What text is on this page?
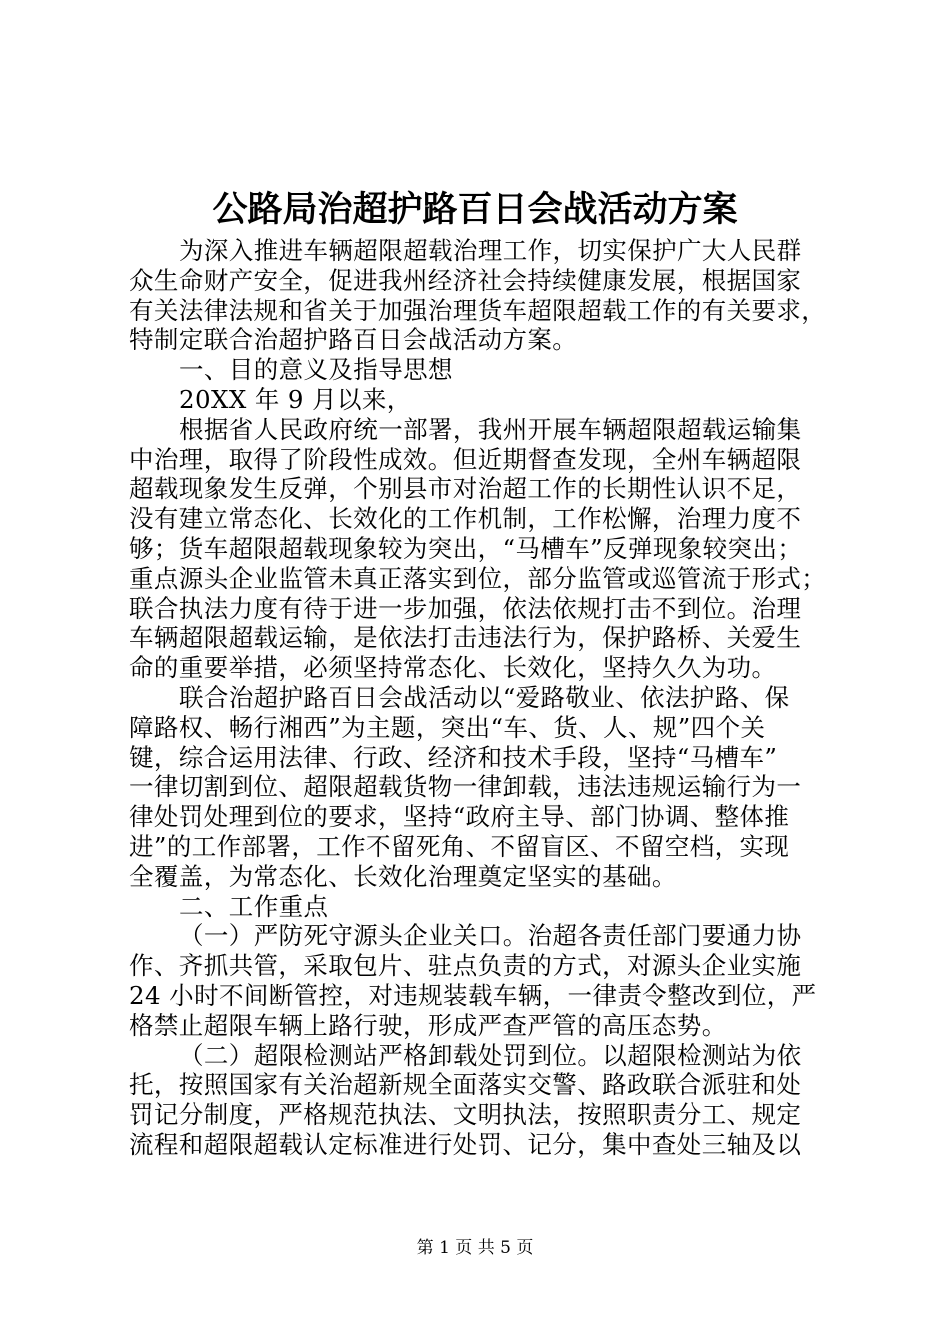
公路局治超护路百日会战活动方案
为深入推进车辆超限超载治理工作，切实保护广大人民群
众生命财产安全，促进我州经济社会持续健康发展，根据国家
有关法律法规和省关于加强治理货车超限超载工作的有关要求，
特制定联合治超护路百日会战活动方案。
一、目的意义及指导思想
20XX 年 9 月以来，
根据省人民政府统一部署，我州开展车辆超限超载运输集
中治理，取得了阶段性成效。但近期督查发现，全州车辆超限
超载现象发生反弹，个别县市对治超工作的长期性认识不足，
没有建立常态化、长效化的工作机制，工作松懈，治理力度不
够；货车超限超载现象较为突出，“马槽车”反弹现象较突出；
重点源头企业监管未真正落实到位，部分监管或巡管流于形式；
联合执法力度有待于进一步加强，依法依规打击不到位。治理
车辆超限超载运输，是依法打击违法行为，保护路桥、关爱生
命的重要举措，必须坚持常态化、长效化，坚持久久为功。
联合治超护路百日会战活动以“爱路敬业、依法护路、保
障路权、畅行湘西”为主题，突出“车、货、人、规”四个关
键，综合运用法律、行政、经济和技术手段，坚持“马槽车”
一律切割到位、超限超载货物一律卸载，违法违规运输行为一
律处罚处理到位的要求，坚持“政府主导、部门协调、整体推
进”的工作部署，工作不留死角、不留盲区、不留空档，实现
全覆盖，为常态化、长效化治理奠定坚实的基础。
二、工作重点
（一）严防死守源头企业关口。治超各责任部门要通力协
作、齐抓共管，采取包片、驻点负责的方式，对源头企业实施
24 小时不间断管控，对违规装载车辆，一律责令整改到位，严
格禁止超限车辆上路行驶，形成严查严管的高压态势。
（二）超限检测站严格卸载处罚到位。以超限检测站为依
托，按照国家有关治超新规全面落实交警、路政联合派驻和处
罚记分制度，严格规范执法、文明执法，按照职责分工、规定
流程和超限超载认定标准进行处罚、记分，集中查处三轴及以
第 1 页 共 5 页
